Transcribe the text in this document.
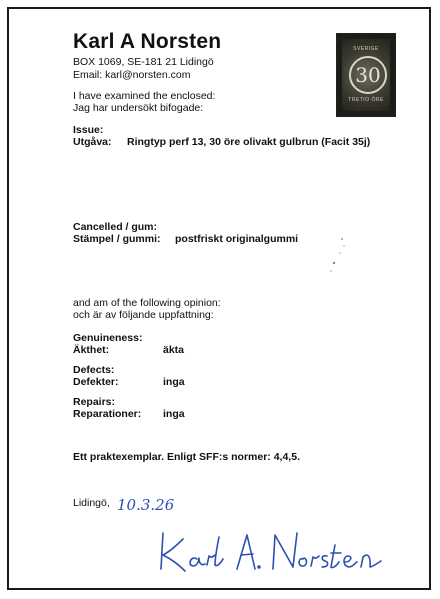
Karl A Norsten
BOX 1069, SE-181 21 Lidingö
Email: karl@norsten.com
SVERIGE
30
TRETIO ÖRE
I have examined the enclosed:
Jag har undersökt bifogade:
Issue:
Utgåva: Ringtyp perf 13, 30 öre olivakt gulbrun (Facit 35j)
Cancelled / gum:
Stämpel / gummi: postfriskt originalgummi
and am of the following opinion:
och är av följande uppfattning:
Genuineness:
Äkthet:	äkta
Defects:
Defekter:	inga
Repairs:
Reparationer: inga
Ett praktexemplar. Enligt SFF:s normer: 4,4,5.
Lidingö, 10.3.26
